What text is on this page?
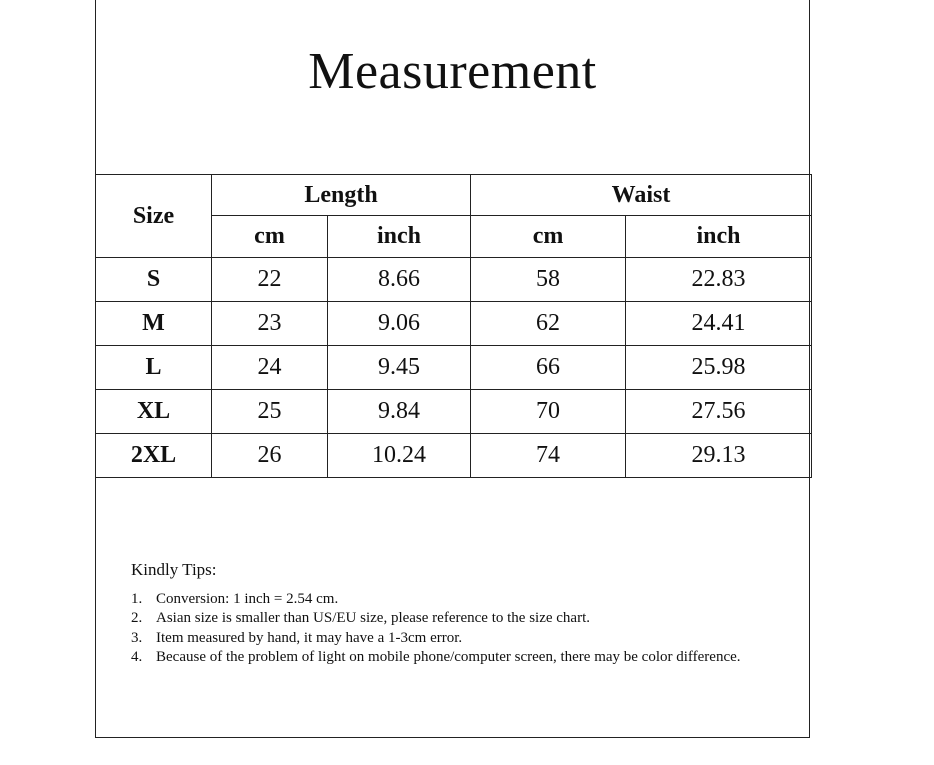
Measurement
Size	Length		Waist	
	cm	inch	cm	inch
S	22	8.66	58	22.83
M	23	9.06	62	24.41
L	24	9.45	66	25.98
XL	25	9.84	70	27.56
2XL	26	10.24	74	29.13
Kindly Tips:
1. Conversion: 1 inch = 2.54 cm.
2. Asian size is smaller than US/EU size, please reference to the size chart.
3. Item measured by hand, it may have a 1-3cm error.
4. Because of the problem of light on mobile phone/computer screen, there may be color difference.
